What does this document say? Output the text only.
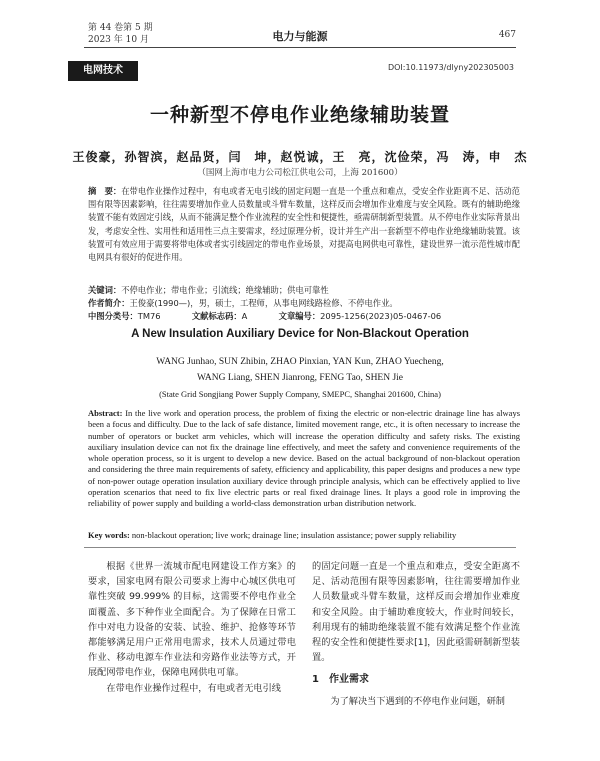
第 44 卷第 5 期
2023 年 10 月	电力与能源	467
电网技术	DOI:10.11973/dlyny202305003
一种新型不停电作业绝缘辅助装置
王俊豪，孙智滨，赵品贤，闫　坤，赵悦诚，王　亮，沈俭荣，冯　涛，申　杰
（国网上海市电力公司松江供电公司，上海 201600）
摘　要：在带电作业操作过程中，有电或者无电引线的固定问题一直是一个重点和难点，受安全作业距离不足、活动范围有限等因素影响，往往需要增加作业人员数量或斗臂车数量，这样反而会增加作业难度与安全风险。既有的辅助绝缘装置不能有效固定引线，从而不能满足整个作业流程的安全性和便捷性，亟需研制新型装置。从不停电作业实际背景出发，考虑安全性、实用性和适用性三点主要需求，经过原理分析，设计并生产出一套新型不停电作业绝缘辅助装置。该装置可有效应用于需要将带电体或者实引线固定的带电作业场景，对提高电网供电可靠性，建设世界一流示范性城市配电网具有很好的促进作用。
关键词：不停电作业；带电作业；引流线；绝缘辅助；供电可靠性
作者简介：王俊豪(1990—)，男，硕士，工程师，从事电网线路检修、不停电作业。
中图分类号：TM76	文献标志码：A	文章编号：2095-1256(2023)05-0467-06
A New Insulation Auxiliary Device for Non-Blackout Operation
WANG Junhao, SUN Zhibin, ZHAO Pinxian, YAN Kun, ZHAO Yuecheng,
WANG Liang, SHEN Jianrong, FENG Tao, SHEN Jie
(State Grid Songjiang Power Supply Company, SMEPC, Shanghai 201600, China)
Abstract: In the live work and operation process, the problem of fixing the electric or non-electric drainage line has always been a focus and difficulty. Due to the lack of safe distance, limited movement range, etc., it is often necessary to increase the number of operators or bucket arm vehicles, which will increase the operation difficulty and safety risks. The existing auxiliary insulation device can not fix the drainage line effectively, and meet the safety and convenience requirements of the whole operation process, so it is urgent to develop a new device. Based on the actual background of non-blackout operation and considering the three main requirements of safety, efficiency and applicability, this paper designs and produces a new type of non-power outage operation insulation auxiliary device through principle analysis, which can be effectively applied to live operation scenarios that need to fix live electric parts or real fixed drainage lines. It plays a good role in improving the reliability of power supply and building a world-class demonstration urban distribution network.
Key words: non-blackout operation; live work; drainage line; insulation assistance; power supply reliability

根据《世界一流城市配电网建设工作方案》的要求，国家电网有限公司要求上海中心城区供电可靠性突破 99.999% 的目标，这需要不停电作业全面覆盖、多下种作业全面配合。为了保障在日常工作中对电力设备的安装、试验、维护、抢修等环节都能够满足用户正常用电需求，技术人员通过带电作业、移动电源车作业法和旁路作业法等方式，开展配网带电作业，保障电网供电可靠。

在带电作业操作过程中，有电或者无电引线

的固定问题一直是一个重点和难点，受安全距离不足、活动范围有限等因素影响，往往需要增加作业人员数量或斗臂车数量，这样反而会增加作业难度和安全风险。由于辅助难度较大，作业时间较长，利用现有的辅助绝缘装置不能有效满足整个作业流程的安全性和便捷性要求[1]，因此亟需研制新型装置。

1　作业需求

为了解决当下遇到的不停电作业问题，研制
